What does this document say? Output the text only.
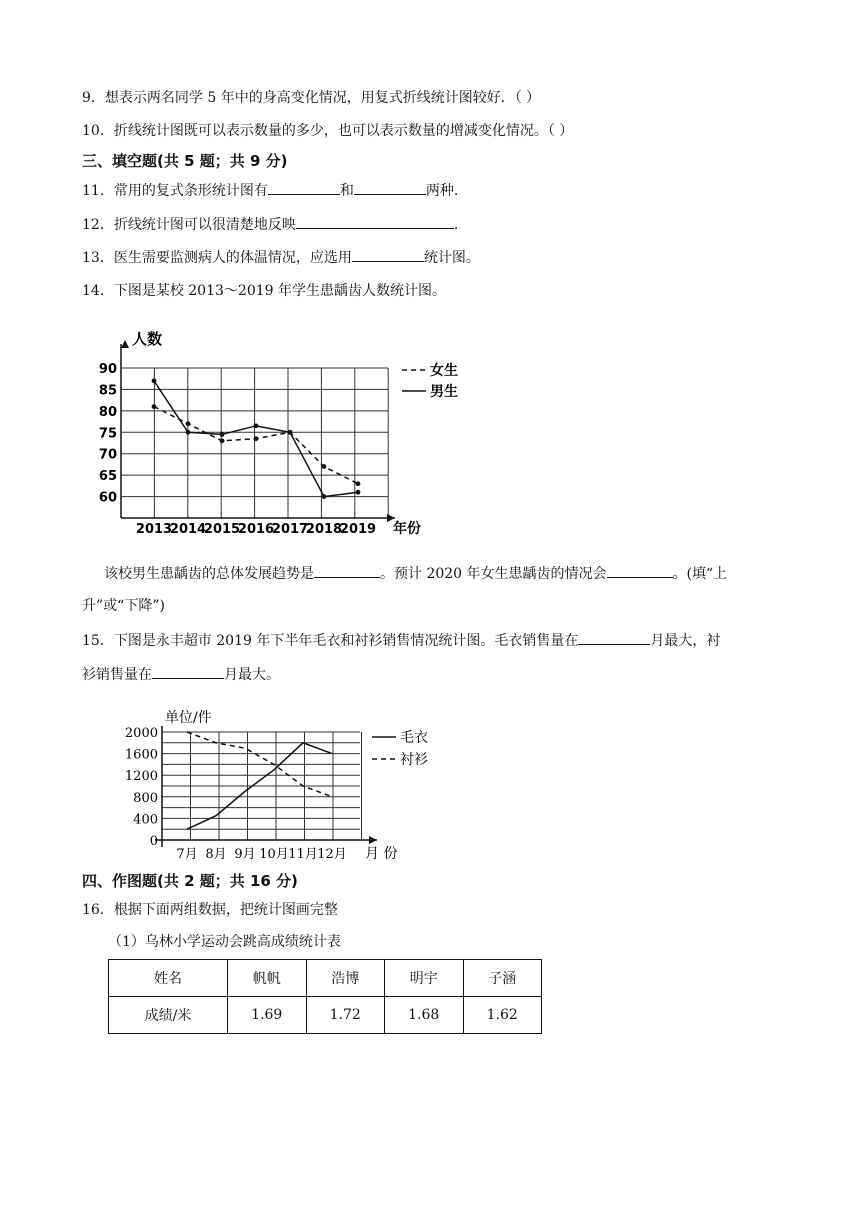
9．想表示两名同学 5 年中的身高变化情况，用复式折线统计图较好．（ ）
10．折线统计图既可以表示数量的多少，也可以表示数量的增减变化情况。（ ）
三、填空题(共 5 题；共 9 分)
11．常用的复式条形统计图有	和	两种.
12．折线统计图可以很清楚地反映	.
13．医生需要监测病人的体温情况，应选用	统计图。
14．下图是某校 2013～2019 年学生患龋齿人数统计图。
人数
60
65
70
75
80
85
90
2013
2014
2015
2016
2017
2018
2019 年份
女生
男生
该校男生患龋齿的总体发展趋势是	。预计 2020 年女生患龋齿的情况会	。(填“上
升”或“下降”)
15．下图是永丰超市 2019 年下半年毛衣和衬衫销售情况统计图。毛衣销售量在	月最大，衬
衫销售量在	月最大。
单位/件
0
400
800
1200
1600
2000
7月 8月 9月 10月 11月 12月 月 份
毛衣
衬衫
四、作图题(共 2 题；共 16 分)
16．根据下面两组数据，把统计图画完整
（1）乌林小学运动会跳高成绩统计表
姓名	帆帆	浩博	明宇	子涵
成绩/米	1.69	1.72	1.68	1.62
